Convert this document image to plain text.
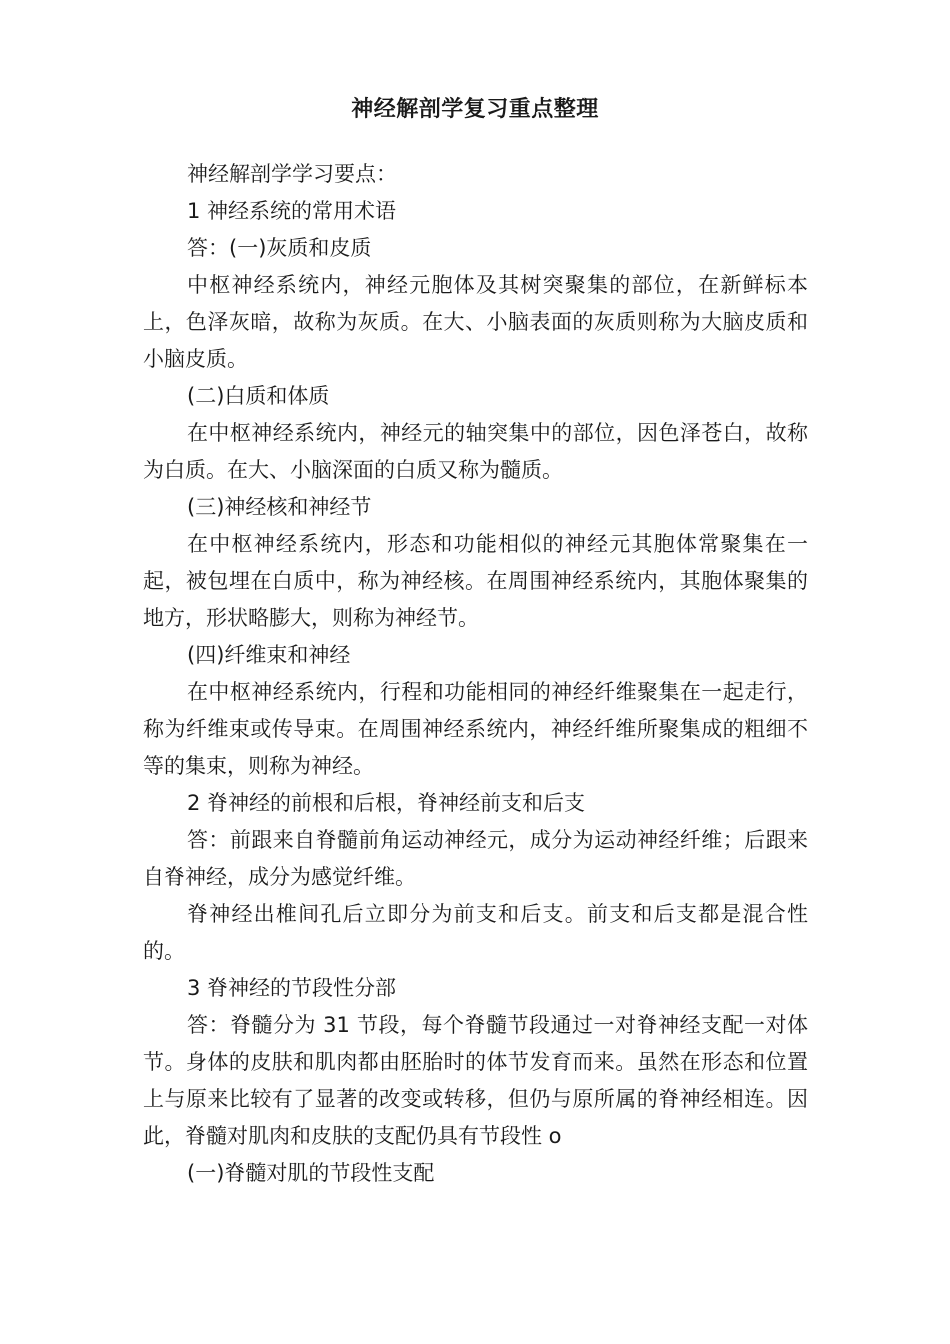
神经解剖学复习重点整理

神经解剖学学习要点：

1 神经系统的常用术语

答：(一)灰质和皮质

中枢神经系统内，神经元胞体及其树突聚集的部位，在新鲜标本上，色泽灰暗，故称为灰质。在大、小脑表面的灰质则称为大脑皮质和小脑皮质。

(二)白质和体质

在中枢神经系统内，神经元的轴突集中的部位，因色泽苍白，故称为白质。在大、小脑深面的白质又称为髓质。

(三)神经核和神经节

在中枢神经系统内，形态和功能相似的神经元其胞体常聚集在一起，被包埋在白质中，称为神经核。在周围神经系统内，其胞体聚集的地方，形状略膨大，则称为神经节。

(四)纤维束和神经

在中枢神经系统内，行程和功能相同的神经纤维聚集在一起走行，称为纤维束或传导束。在周围神经系统内，神经纤维所聚集成的粗细不等的集束，则称为神经。

2 脊神经的前根和后根，脊神经前支和后支

答：前跟来自脊髓前角运动神经元，成分为运动神经纤维；后跟来自脊神经，成分为感觉纤维。

脊神经出椎间孔后立即分为前支和后支。前支和后支都是混合性的。

3 脊神经的节段性分部

答：脊髓分为 31 节段，每个脊髓节段通过一对脊神经支配一对体节。身体的皮肤和肌肉都由胚胎时的体节发育而来。虽然在形态和位置上与原来比较有了显著的改变或转移，但仍与原所属的脊神经相连。因此，脊髓对肌肉和皮肤的支配仍具有节段性 o

(一)脊髓对肌的节段性支配
